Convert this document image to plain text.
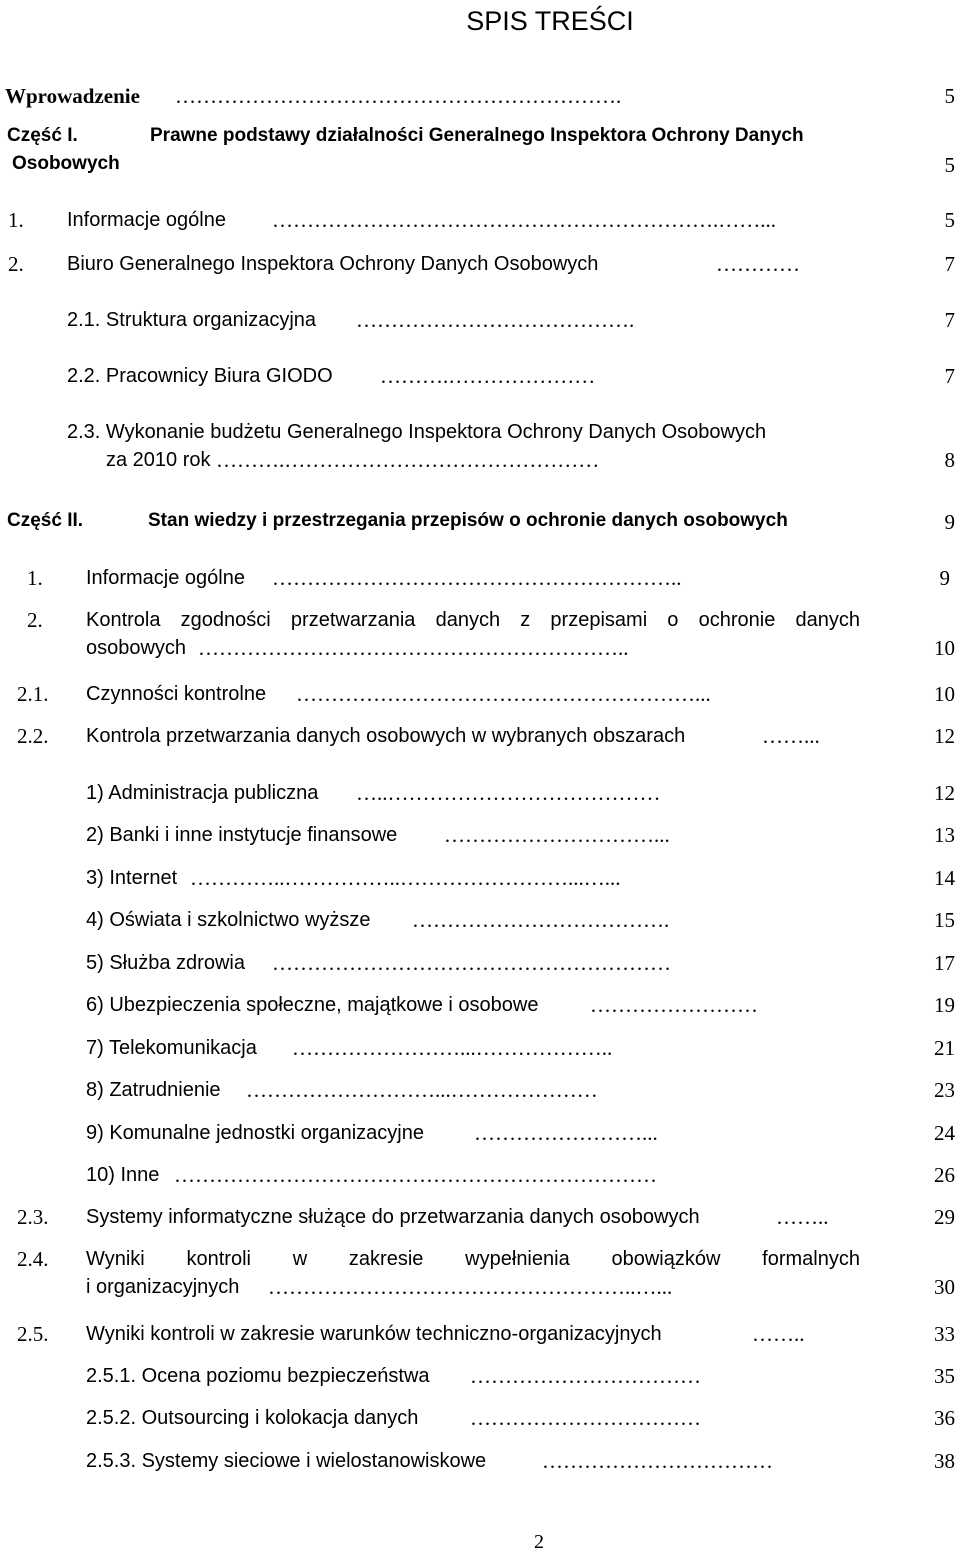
SPIS TREŚCI
Wprowadzenie ……………………………………………………….	5
Część I.	Prawne podstawy działalności Generalnego Inspektora Ochrony Danych
Osobowych	5
1. Informacje ogólne ……………………………………………………….……...	5
2. Biuro Generalnego Inspektora Ochrony Danych Osobowych	…………	7
2.1. Struktura organizacyjna ………………………………….	7
2.2. Pracownicy Biura GIODO ……….…………………	7
2.3. Wykonanie budżetu Generalnego Inspektora Ochrony Danych Osobowych
za 2010 rok ……….………………………………………	8
Część II.	Stan wiedzy i przestrzegania przepisów o ochronie danych osobowych	9
1. Informacje ogólne …………………………………………………..	9
2. Kontrola zgodności przetwarzania danych z przepisami o ochronie danych
osobowych ……………………………………………………..	10
2.1. Czynności kontrolne …………………………………………………...	10
2.2. Kontrola przetwarzania danych osobowych w wybranych obszarach	……...	12
1) Administracja publiczna …..…………………………………	12
2) Banki i inne instytucje finansowe …………………………...	13
3) Internet …………..……………..……………………...…...	14
4) Oświata i szkolnictwo wyższe ……………………………….	15
5) Służba zdrowia …………………………………………………	17
6) Ubezpieczenia społeczne, majątkowe i osobowe ……………………	19
7) Telekomunikacja ……………………...………………..	21
8) Zatrudnienie ………………………...…………………	23
9) Komunalne jednostki organizacyjne ……………………...	24
10) Inne ……………………………………………………………	26
2.3. Systemy informatyczne służące do przetwarzania danych osobowych	……..	29
2.4. Wyniki kontroli w zakresie wypełnienia obowiązków formalnych
i organizacyjnych ……………………………………………..…...	30
2.5. Wyniki kontroli w zakresie warunków techniczno-organizacyjnych	……..	33
2.5.1. Ocena poziomu bezpieczeństwa ……………………………	35
2.5.2. Outsourcing i kolokacja danych ……………………………	36
2.5.3. Systemy sieciowe i wielostanowiskowe	……………………………	38
2
